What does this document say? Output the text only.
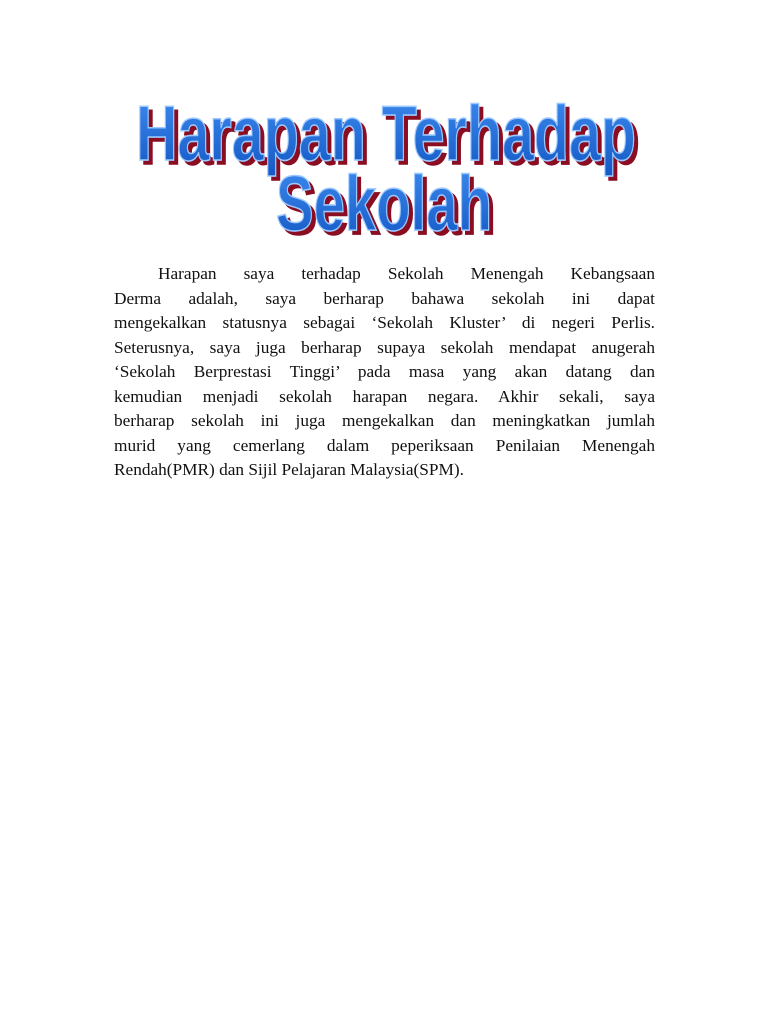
Harapan Terhadap
Sekolah
Harapan saya terhadap Sekolah Menengah Kebangsaan
Derma adalah, saya berharap bahawa sekolah ini dapat
mengekalkan statusnya sebagai ‘Sekolah Kluster’ di negeri Perlis.
Seterusnya, saya juga berharap supaya sekolah mendapat anugerah
‘Sekolah Berprestasi Tinggi’ pada masa yang akan datang dan
kemudian menjadi sekolah harapan negara. Akhir sekali, saya
berharap sekolah ini juga mengekalkan dan meningkatkan jumlah
murid yang cemerlang dalam peperiksaan Penilaian Menengah
Rendah(PMR) dan Sijil Pelajaran Malaysia(SPM).
